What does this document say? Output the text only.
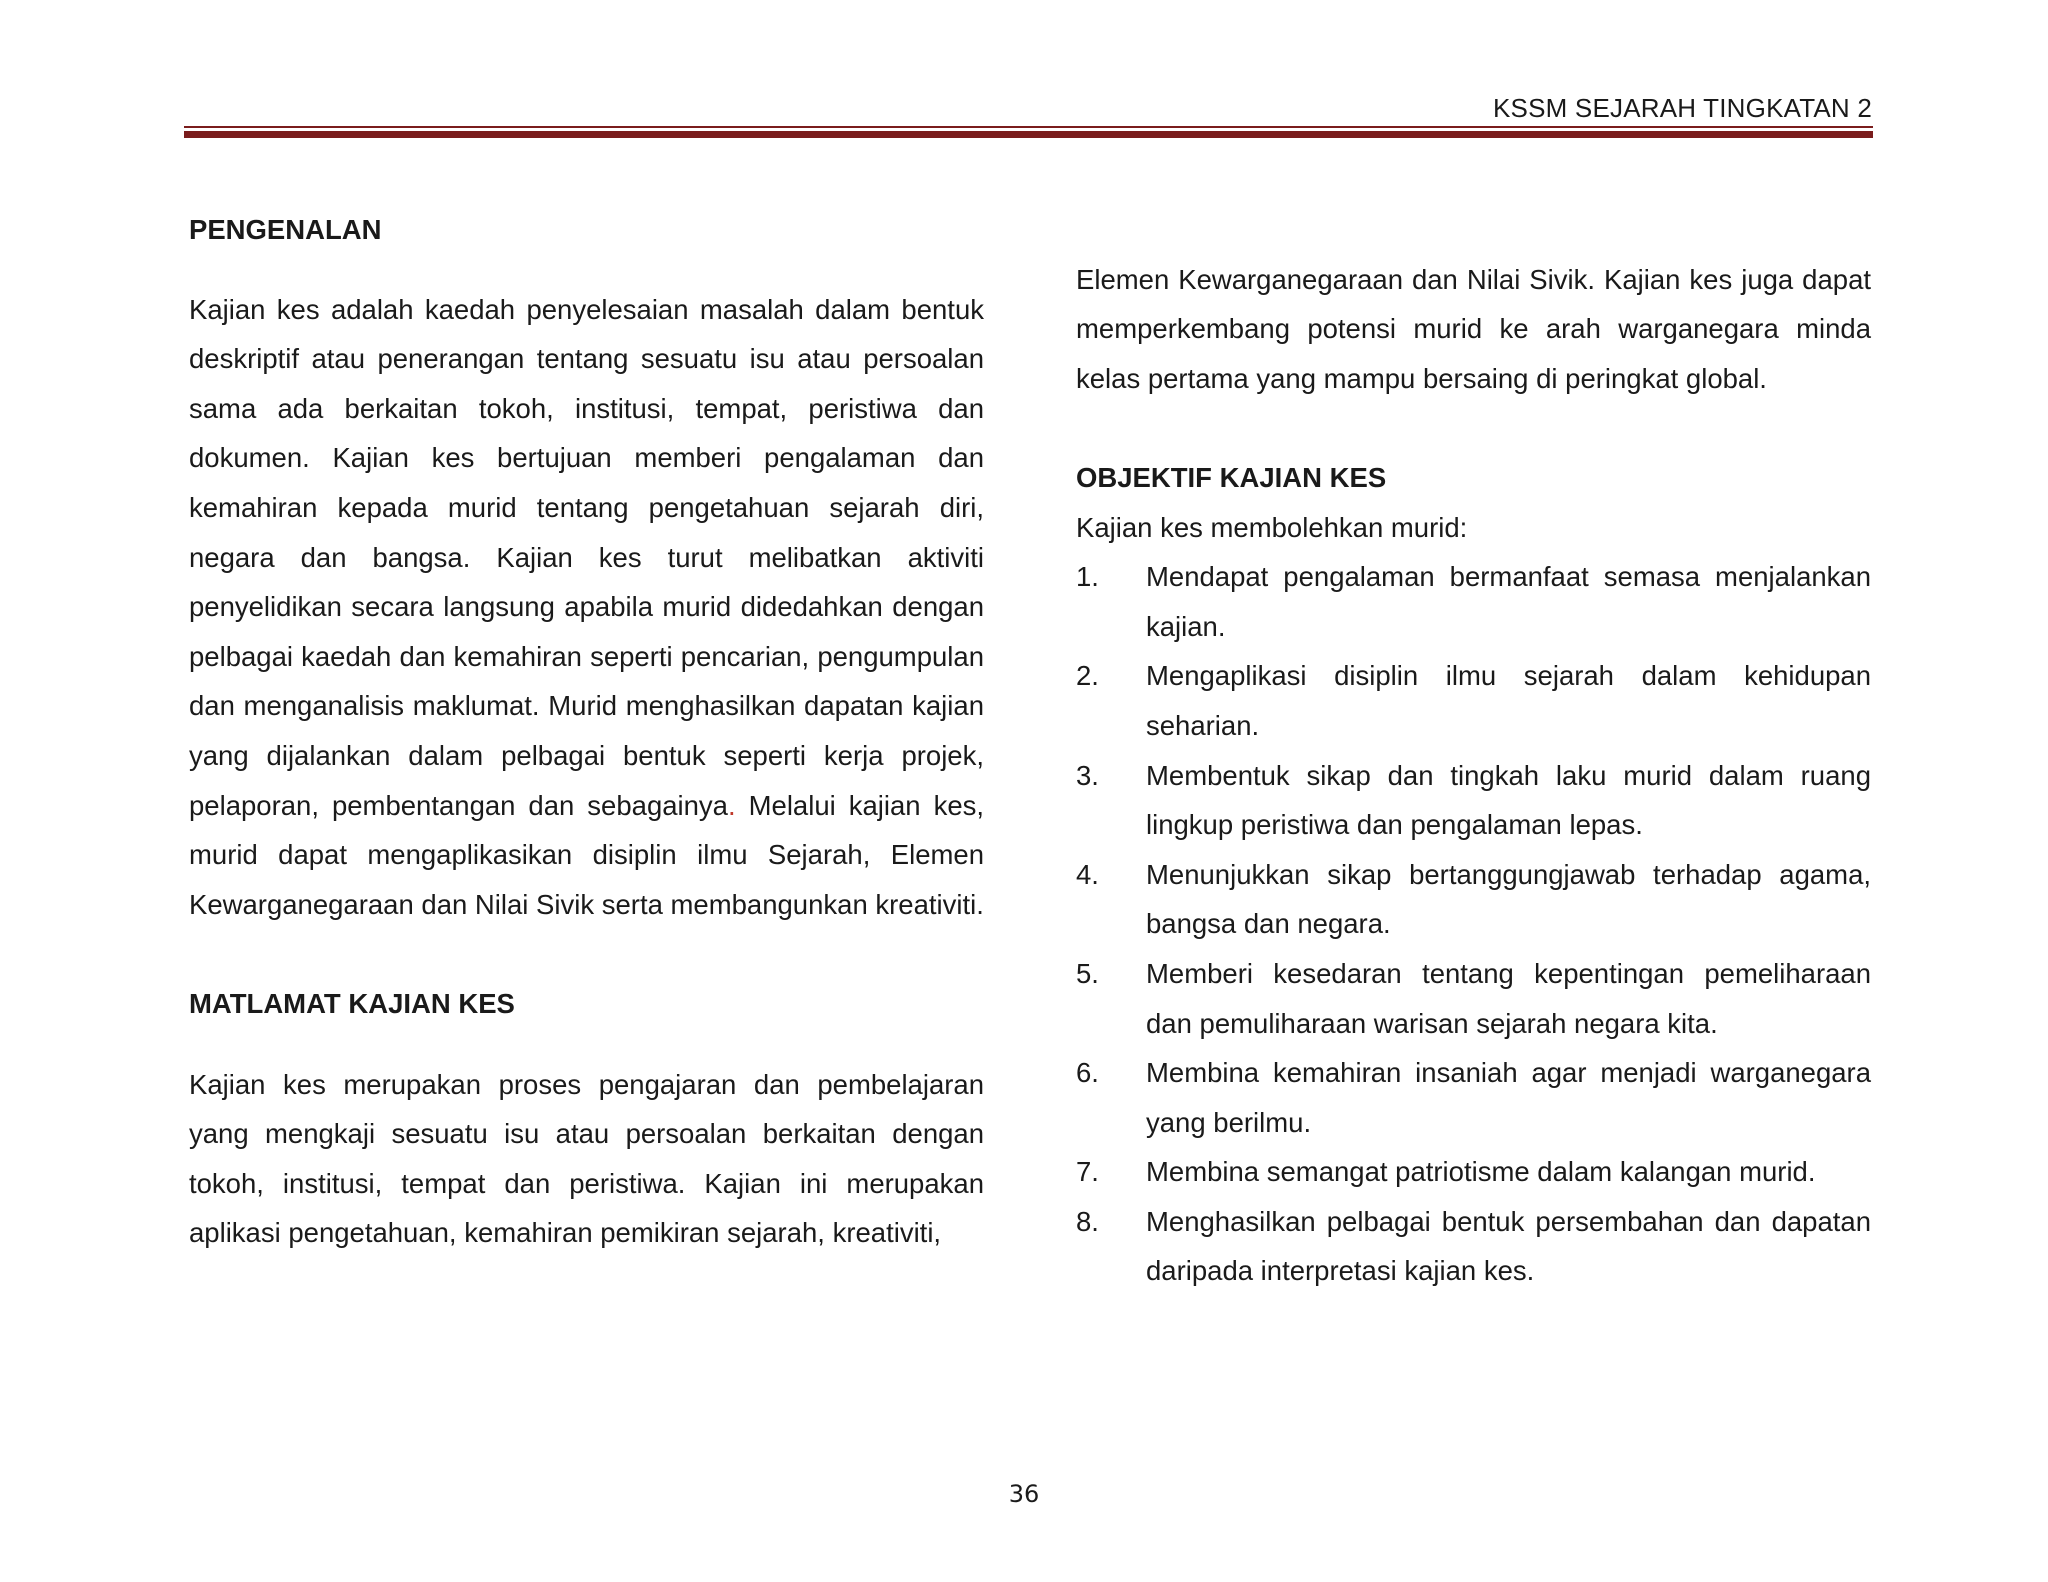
KSSM SEJARAH TINGKATAN 2
PENGENALAN

Kajian kes adalah kaedah penyelesaian masalah dalam bentuk deskriptif atau penerangan tentang sesuatu isu atau persoalan sama ada berkaitan tokoh, institusi, tempat, peristiwa dan dokumen. Kajian kes bertujuan memberi pengalaman dan kemahiran kepada murid tentang pengetahuan sejarah diri, negara dan bangsa. Kajian kes turut melibatkan aktiviti penyelidikan secara langsung apabila murid didedahkan dengan pelbagai kaedah dan kemahiran seperti pencarian, pengumpulan dan menganalisis maklumat. Murid menghasilkan dapatan kajian yang dijalankan dalam pelbagai bentuk seperti kerja projek, pelaporan, pembentangan dan sebagainya. Melalui kajian kes, murid dapat mengaplikasikan disiplin ilmu Sejarah, Elemen Kewarganegaraan dan Nilai Sivik serta membangunkan kreativiti.

MATLAMAT KAJIAN KES

Kajian kes merupakan proses pengajaran dan pembelajaran yang mengkaji sesuatu isu atau persoalan berkaitan dengan tokoh, institusi, tempat dan peristiwa. Kajian ini merupakan aplikasi pengetahuan, kemahiran pemikiran sejarah, kreativiti,

Elemen Kewarganegaraan dan Nilai Sivik. Kajian kes juga dapat memperkembang potensi murid ke arah warganegara minda kelas pertama yang mampu bersaing di peringkat global.

OBJEKTIF KAJIAN KES

Kajian kes membolehkan murid:

1. Mendapat pengalaman bermanfaat semasa menjalankan kajian.
2. Mengaplikasi disiplin ilmu sejarah dalam kehidupan seharian.
3. Membentuk sikap dan tingkah laku murid dalam ruang lingkup peristiwa dan pengalaman lepas.
4. Menunjukkan sikap bertanggungjawab terhadap agama, bangsa dan negara.
5. Memberi kesedaran tentang kepentingan pemeliharaan dan pemuliharaan warisan sejarah negara kita.
6. Membina kemahiran insaniah agar menjadi warganegara yang berilmu.
7. Membina semangat patriotisme dalam kalangan murid.
8. Menghasilkan pelbagai bentuk persembahan dan dapatan daripada interpretasi kajian kes.
36
